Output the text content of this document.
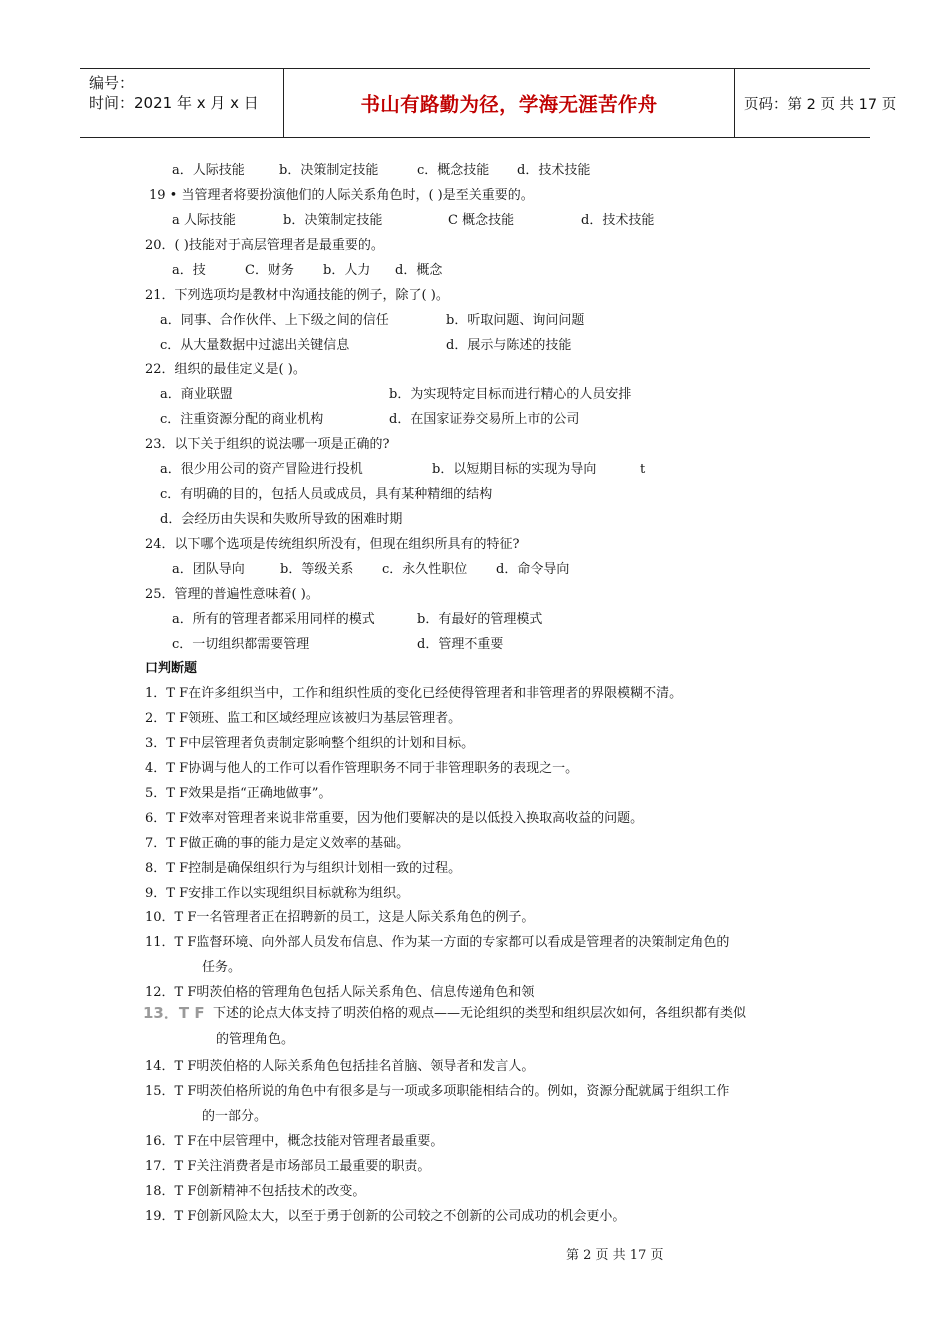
编号：
时间：2021 年 x 月 x 日	书山有路勤为径，学海无涯苦作舟	页码：第 2 页 共 17 页
a．人际技能	b．决策制定技能	c．概念技能 d．技术技能
19 • 当管理者将要扮演他们的人际关系角色时，( )是至关重要的。
a 人际技能	b．决策制定技能	C 概念技能	d．技术技能
20．( )技能对于高层管理者是最重要的。
a．技	C．财务 b．人力 d．概念
21．下列选项均是教材中沟通技能的例子，除了( )。
a．同事、合作伙伴、上下级之间的信任	b．听取问题、询问问题
c．从大量数据中过滤出关键信息	d．展示与陈述的技能
22．组织的最佳定义是( )。
a．商业联盟	b．为实现特定目标而进行精心的人员安排
c．注重资源分配的商业机构	d．在国家证券交易所上市的公司
23．以下关于组织的说法哪一项是正确的?
a．很少用公司的资产冒险进行投机	b．以短期目标的实现为导向	t
c．有明确的目的，包括人员或成员，具有某种精细的结构
d．会经历由失误和失败所导致的困难时期
24．以下哪个选项是传统组织所没有，但现在组织所具有的特征?
a．团队导向	b．等级关系 c．永久性职位 d．命令导向
25．管理的普遍性意味着( )。
a．所有的管理者都采用同样的模式	b．有最好的管理模式
c．一切组织都需要管理	d．管理不重要
口判断题
1．T F在许多组织当中，工作和组织性质的变化已经使得管理者和非管理者的界限模糊不清。
2．T F领班、监工和区域经理应该被归为基层管理者。
3．T F中层管理者负责制定影响整个组织的计划和目标。
4．T F协调与他人的工作可以看作管理职务不同于非管理职务的表现之一。
5．T F效果是指“正确地做事”。
6．T F效率对管理者来说非常重要，因为他们要解决的是以低投入换取高收益的问题。
7．T F做正确的事的能力是定义效率的基础。
8．T F控制是确保组织行为与组织计划相一致的过程。
9．T F安排工作以实现组织目标就称为组织。
10．T F一名管理者正在招聘新的员工，这是人际关系角色的例子。
11．T F监督环境、向外部人员发布信息、作为某一方面的专家都可以看成是管理者的决策制定角色的
任务。
12．T F明茨伯格的管理角色包括人际关系角色、信息传递角色和领
13．T F 下述的论点大体支持了明茨伯格的观点——无论组织的类型和组织层次如何，各组织都有类似
的管理角色。
14．T F明茨伯格的人际关系角色包括挂名首脑、领导者和发言人。
15．T F明茨伯格所说的角色中有很多是与一项或多项职能相结合的。例如，资源分配就属于组织工作
的一部分。
16．T F在中层管理中，概念技能对管理者最重要。
17．T F关注消费者是市场部员工最重要的职责。
18．T F创新精神不包括技术的改变。
19．T F创新风险太大，以至于勇于创新的公司较之不创新的公司成功的机会更小。
第 2 页 共 17 页
